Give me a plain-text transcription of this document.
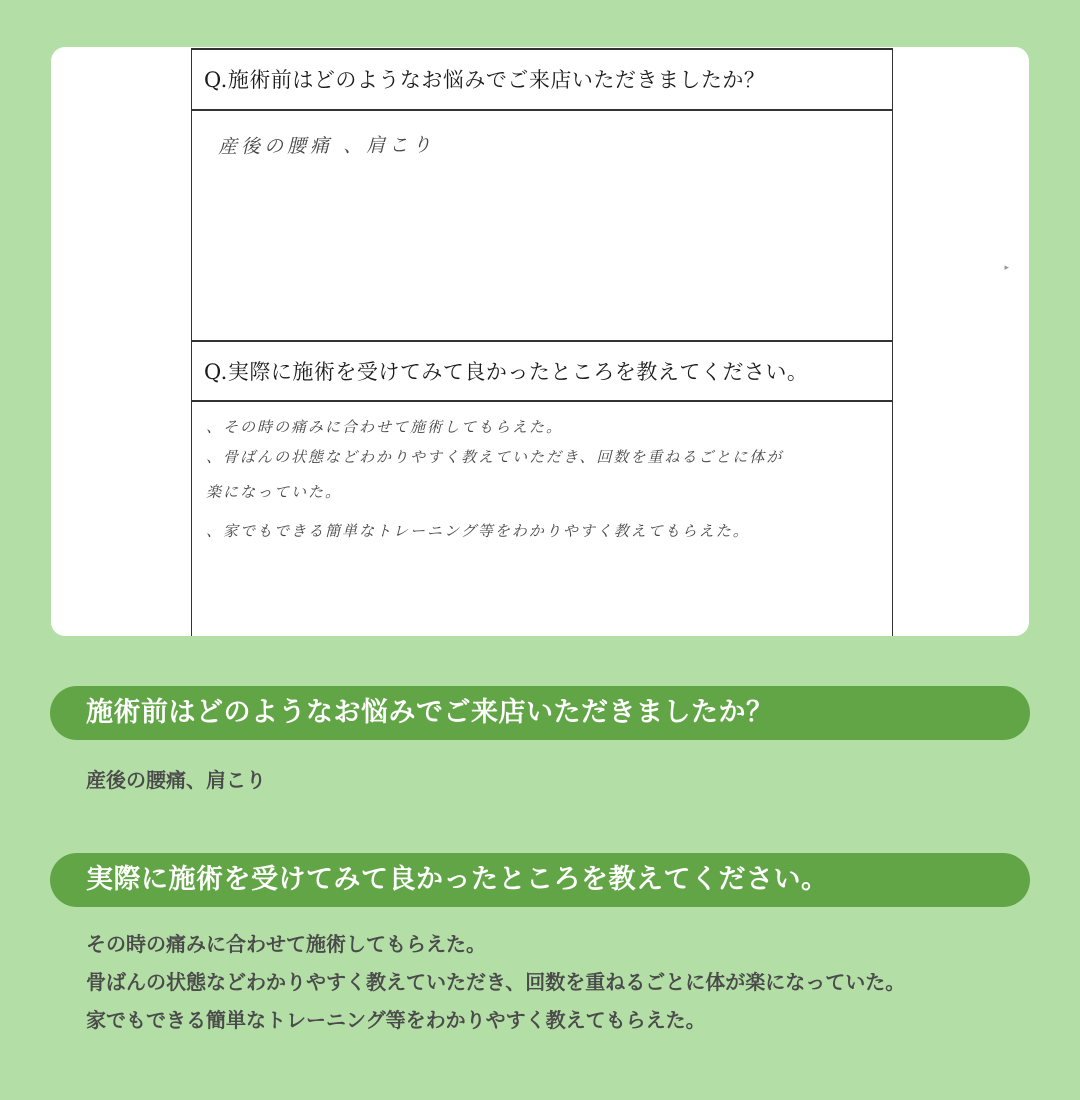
Q.施術前はどのようなお悩みでご来店いただきましたか？
産後の腰痛 、肩こり
Q.実際に施術を受けてみて良かったところを教えてください。
、その時の痛みに合わせて施術してもらえた。
、骨ばんの状態などわかりやすく教えていただき、回数を重ねるごとに体が
楽になっていた。
、家でもできる簡単なトレーニング等をわかりやすく教えてもらえた。
▸
施術前はどのようなお悩みでご来店いただきましたか？
産後の腰痛、肩こり
実際に施術を受けてみて良かったところを教えてください。
その時の痛みに合わせて施術してもらえた。
骨ばんの状態などわかりやすく教えていただき、回数を重ねるごとに体が楽になっていた。
家でもできる簡単なトレーニング等をわかりやすく教えてもらえた。
